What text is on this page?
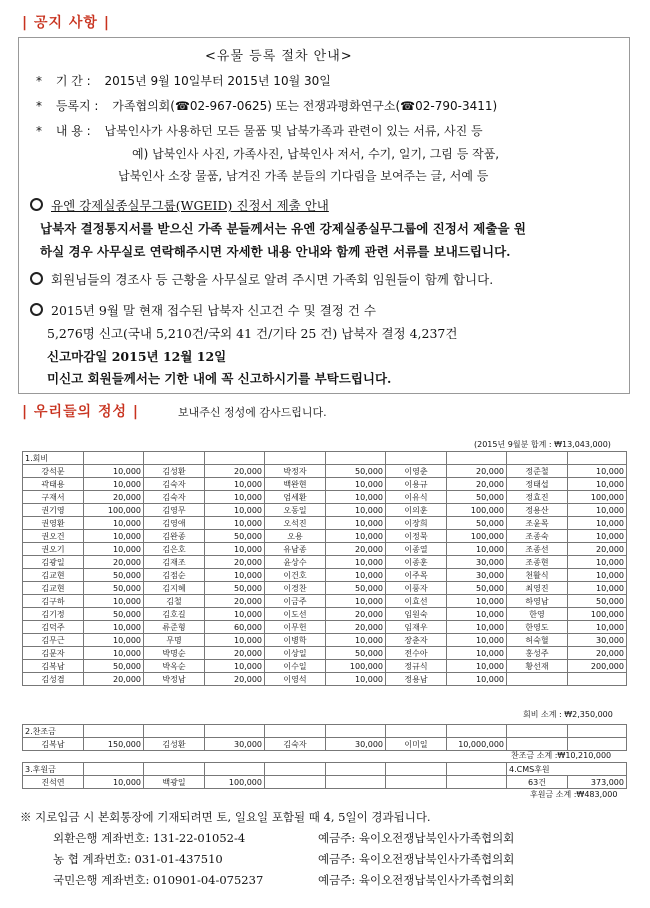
| 공지 사항 |
<유물 등록 절차 안내>
* 기 간 : 2015년 9월 10일부터 2015년 10월 30일
* 등록지 : 가족협의회(☎02-967-0625) 또는 전쟁과평화연구소(☎02-790-3411)
* 내 용 : 납북인사가 사용하던 모든 물품 및 납북가족과 관련이 있는 서류, 사진 등
예) 납북인사 사진, 가족사진, 납북인사 저서, 수기, 일기, 그림 등 작품,
납북인사 소장 물품, 남겨진 가족 분들의 기다림을 보여주는 글, 서예 등
유엔 강제실종실무그룹(WGEID) 진정서 제출 안내
납북자 결정통지서를 받으신 가족 분들께서는 유엔 강제실종실무그룹에 진정서 제출을 원
하실 경우 사무실로 연락해주시면 자세한 내용 안내와 함께 관련 서류를 보내드립니다.
회원님들의 경조사 등 근황을 사무실로 알려 주시면 가족회 임원들이 함께 합니다.
2015년 9월 말 현재 접수된 납북자 신고건 수 및 결정 건 수
5,276명 신고(국내 5,210건/국외 41 건/기타 25 건) 납북자 결정 4,237건
신고마감일 2015년 12월 12일
미신고 회원들께서는 기한 내에 꼭 신고하시기를 부탁드립니다.
| 우리들의 정성 |	보내주신 정성에 감사드립니다.
(2015년 9월분 합계 : ₩13,043,000)
1.회비									
강석문	10,000	김성환	20,000	박정자	50,000	이영춘	20,000	정준철	10,000
곽태용	10,000	김숙자	10,000	백완현	10,000	이용규	20,000	정태섭	10,000
구재서	20,000	김숙자	10,000	엄세환	10,000	이유식	50,000	정효진	100,000
권기영	100,000	김영무	10,000	오동일	10,000	이의훈	100,000	정용산	10,000
권영환	10,000	김영애	10,000	오석진	10,000	이장희	50,000	조윤목	10,000
권오건	10,000	김완종	50,000	오용	10,000	이정묵	100,000	조종숙	10,000
권오기	10,000	김은호	10,000	유남종	20,000	이종열	10,000	조종선	20,000
김광일	20,000	김재조	20,000	윤상수	10,000	이종훈	30,000	조종현	10,000
김교현	50,000	김점순	10,000	이건호	10,000	이주목	30,000	천활식	10,000
김교현	50,000	김지혜	50,000	이경찬	50,000	이풍자	50,000	최영진	10,000
김구하	10,000	김철	20,000	이금주	10,000	이효선	10,000	하영남	50,000
김기정	50,000	김호길	10,000	이도선	20,000	임원숙	10,000	한영	100,000
김덕주	10,000	류준형	60,000	이무헌	20,000	임재우	10,000	한영도	10,000
김무근	10,000	무명	10,000	이병학	10,000	장춘자	10,000	허숙혈	30,000
김문자	10,000	박명순	20,000	이상일	50,000	전수아	10,000	홍성주	20,000
김복남	50,000	박옥순	10,000	이수일	100,000	정규식	10,000	황선재	200,000
김성겸	20,000	박정남	20,000	이영석	10,000	정용남	10,000		
회비 소계 : ₩2,350,000
2.찬조금									
김복남	150,000	김성환	30,000	김숙자	30,000	이미일	10,000,000		
찬조금 소계 :₩10,210,000
3.후원금								4.CMS후원	
진석연	10,000	백광일	100,000					63건	373,000
후원금 소계 :₩483,000
※ 지로입금 시 본회통장에 기재되려면 토, 일요일 포함될 때 4, 5일이 경과됩니다.
외환은행 계좌번호: 131-22-01052-4	예금주: 육이오전쟁납북인사가족협의회
농 협 계좌번호: 031-01-437510	예금주: 육이오전쟁납북인사가족협의회
국민은행 계좌번호: 010901-04-075237	예금주: 육이오전쟁납북인사가족협의회
